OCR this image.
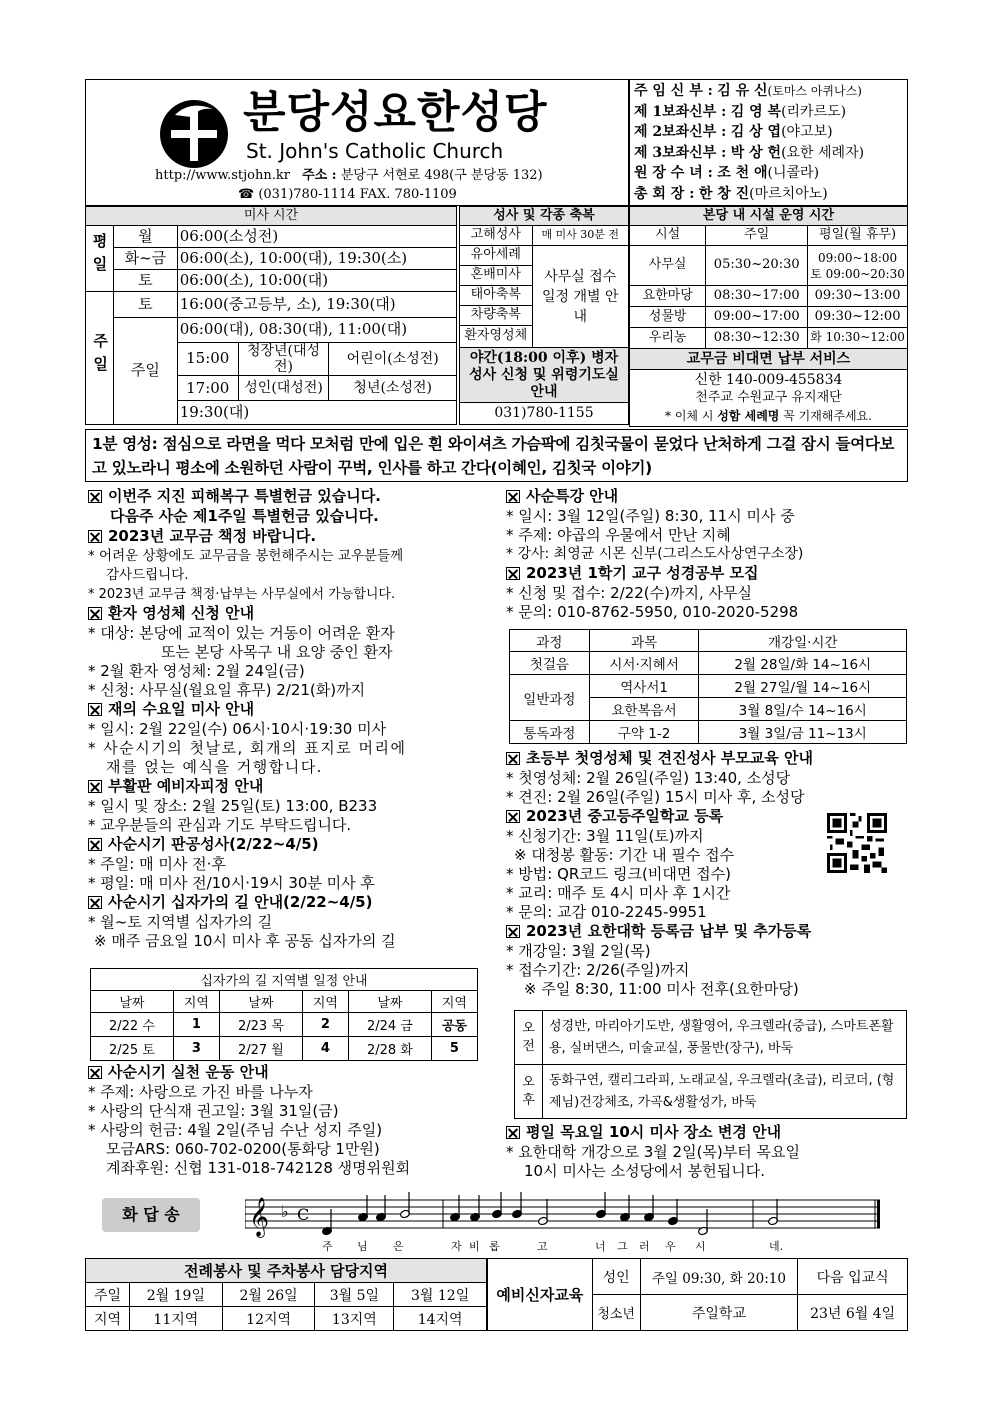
분당성요한성당
St. John's Catholic Church
http://www.stjohn.kr 주소 : 분당구 서현로 498(구 분당동 132)
☎ (031)780-1114 FAX. 780-1109
주 임 신 부 : 김 유 신(토마스 아퀴나스)
제 1보좌신부 : 김 영 복(리카르도)
제 2보좌신부 : 김 상 엽(야고보)
제 3보좌신부 : 박 상 헌(요한 세례자)
원 장 수 녀 : 조 천 애(니콜라)
총 회 장 : 한 창 진(마르치아노)
미사 시간				
평일	월	06:00(소성전)		
	화~금	06:00(소), 10:00(대), 19:30(소)		
	토	06:00(소), 10:00(대)		
주일	토	16:00(중고등부, 소), 19:30(대)		
	주일	06:00(대), 08:30(대), 11:00(대)		
		15:00	청장년(대성전)	어린이(소성전)
		17:00	성인(대성전)	청년(소성전)
		19:30(대)		
성사 및 각종 축복	
고해성사	매 미사 30분 전
유아세례	사무실 접수 일정 개별 안내
혼배미사	
태아축복	
차량축복	
환자영성체	
야간(18:00 이후) 병자성사 신청 및 위령기도실 안내	
031)780-1155	
본당 내 시설 운영 시간		
시설	주일	평일(월 휴무)
사무실	05:30~20:30	09:00~18:00
토 09:00~20:30

요한마당	08:30~17:00	09:30~13:00
성물방	09:00~17:00	09:30~12:00
우리농	08:30~12:30	화 10:30~12:00
교무금 비대면 납부 서비스		

신한 140-009-455834
천주교 수원교구 유지재단
* 이체 시 성함 세례명 꼭 기재해주세요.		
1분 영성: 점심으로 라면을 먹다 모처럼 만에 입은 흰 와이셔츠 가슴팍에 김칫국물이 묻었다 난처하게 그걸 잠시 들여다보고 있노라니 평소에 소원하던 사람이 꾸벅, 인사를 하고 간다(이혜인, 김칫국 이야기)
이번주 지진 피해복구 특별헌금 있습니다.
다음주 사순 제1주일 특별헌금 있습니다.
2023년 교무금 책정 바랍니다.
* 어려운 상황에도 교무금을 봉헌해주시는 교우분들께
감사드립니다.
* 2023년 교무금 책정·납부는 사무실에서 가능합니다.
환자 영성체 신청 안내
* 대상: 본당에 교적이 있는 거동이 어려운 환자
또는 본당 사목구 내 요양 중인 환자
* 2월 환자 영성체: 2월 24일(금)
* 신청: 사무실(월요일 휴무) 2/21(화)까지
재의 수요일 미사 안내
* 일시: 2월 22일(수) 06시·10시·19:30 미사
* 사순시기의 첫날로, 회개의 표지로 머리에
재를 얹는 예식을 거행합니다.
부활판 예비자피정 안내
* 일시 및 장소: 2월 25일(토) 13:00, B233
* 교우분들의 관심과 기도 부탁드립니다.
사순시기 판공성사(2/22~4/5)
* 주일: 매 미사 전·후
* 평일: 매 미사 전/10시·19시 30분 미사 후
사순시기 십자가의 길 안내(2/22~4/5)
* 월~토 지역별 십자가의 길
※ 매주 금요일 10시 미사 후 공동 십자가의 길
십자가의 길 지역별 일정 안내					
날짜	지역	날짜	지역	날짜	지역
2/22 수	1	2/23 목	2	2/24 금	공동
2/25 토	3	2/27 월	4	2/28 화	5
사순시기 실천 운동 안내
* 주제: 사랑으로 가진 바를 나누자
* 사랑의 단식재 권고일: 3월 31일(금)
* 사랑의 헌금: 4월 2일(주님 수난 성지 주일)
모금ARS: 060-702-0200(통화당 1만원)
계좌후원: 신협 131-018-742128 생명위원회
사순특강 안내
* 일시: 3월 12일(주일) 8:30, 11시 미사 중
* 주제: 야곱의 우물에서 만난 지혜
* 강사: 최영균 시몬 신부(그리스도사상연구소장)
2023년 1학기 교구 성경공부 모집
* 신청 및 접수: 2/22(수)까지, 사무실
* 문의: 010-8762-5950, 010-2020-5298
과정	과목	개강일·시간
첫걸음	시서·지혜서	2월 28일/화 14~16시
일반과정	역사서1	2월 27일/월 14~16시
	요한복음서	3월 8일/수 14~16시
통독과정	구약 1-2	3월 3일/금 11~13시
초등부 첫영성체 및 견진성사 부모교육 안내
* 첫영성체: 2월 26일(주일) 13:40, 소성당
* 견진: 2월 26일(주일) 15시 미사 후, 소성당
2023년 중고등주일학교 등록
* 신청기간: 3월 11일(토)까지
※ 대청봉 활동: 기간 내 필수 접수
* 방법: QR코드 링크(비대면 접수)
* 교리: 매주 토 4시 미사 후 1시간
* 문의: 교감 010-2245-9951
2023년 요한대학 등록금 납부 및 추가등록
* 개강일: 3월 2일(목)
* 접수기간: 2/26(주일)까지
※ 주일 8:30, 11:00 미사 전후(요한마당)
오전	성경반, 마리아기도반, 생활영어, 우크렐라(중급), 스마트폰활용, 실버댄스, 미술교실, 풍물반(장구), 바둑
오후	동화구연, 캘리그라피, 노래교실, 우크렐라(초급), 리코더, (형제님)건강체조, 가곡&생활성가, 바둑
평일 목요일 10시 미사 장소 변경 안내
* 요한대학 개강으로 3월 2일(목)부터 목요일
10시 미사는 소성당에서 봉헌됩니다.
화 답 송	𝄞 ♭ C
주 님 은	자 비 롭	고	너 그 러 우 시	네.
전례봉사 및 주차봉사 담당지역				
주일	2월 19일	2월 26일	3월 5일	3월 12일
지역	11지역	12지역	13지역	14지역
예비신자교육	성인	주일 09:30, 화 20:10	다음 입교식
	청소년	주일학교	23년 6월 4일
